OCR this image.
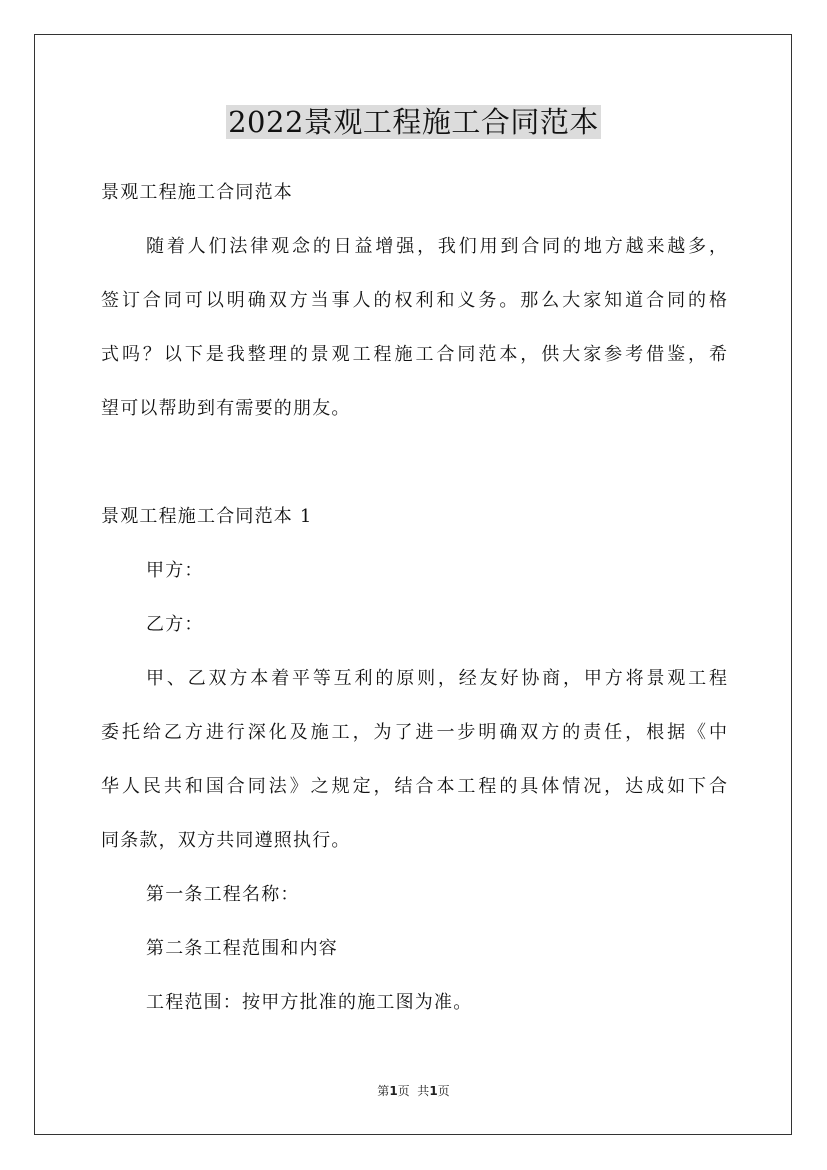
2022景观工程施工合同范本

景观工程施工合同范本

随着人们法律观念的日益增强，我们用到合同的地方越来越多，

签订合同可以明确双方当事人的权利和义务。那么大家知道合同的格

式吗？以下是我整理的景观工程施工合同范本，供大家参考借鉴，希

望可以帮助到有需要的朋友。

景观工程施工合同范本 1

甲方：

乙方：

甲、乙双方本着平等互利的原则，经友好协商，甲方将景观工程

委托给乙方进行深化及施工，为了进一步明确双方的责任，根据《中

华人民共和国合同法》之规定，结合本工程的具体情况，达成如下合

同条款，双方共同遵照执行。

第一条工程名称：

第二条工程范围和内容

工程范围：按甲方批准的施工图为准。

第1页  共1页
